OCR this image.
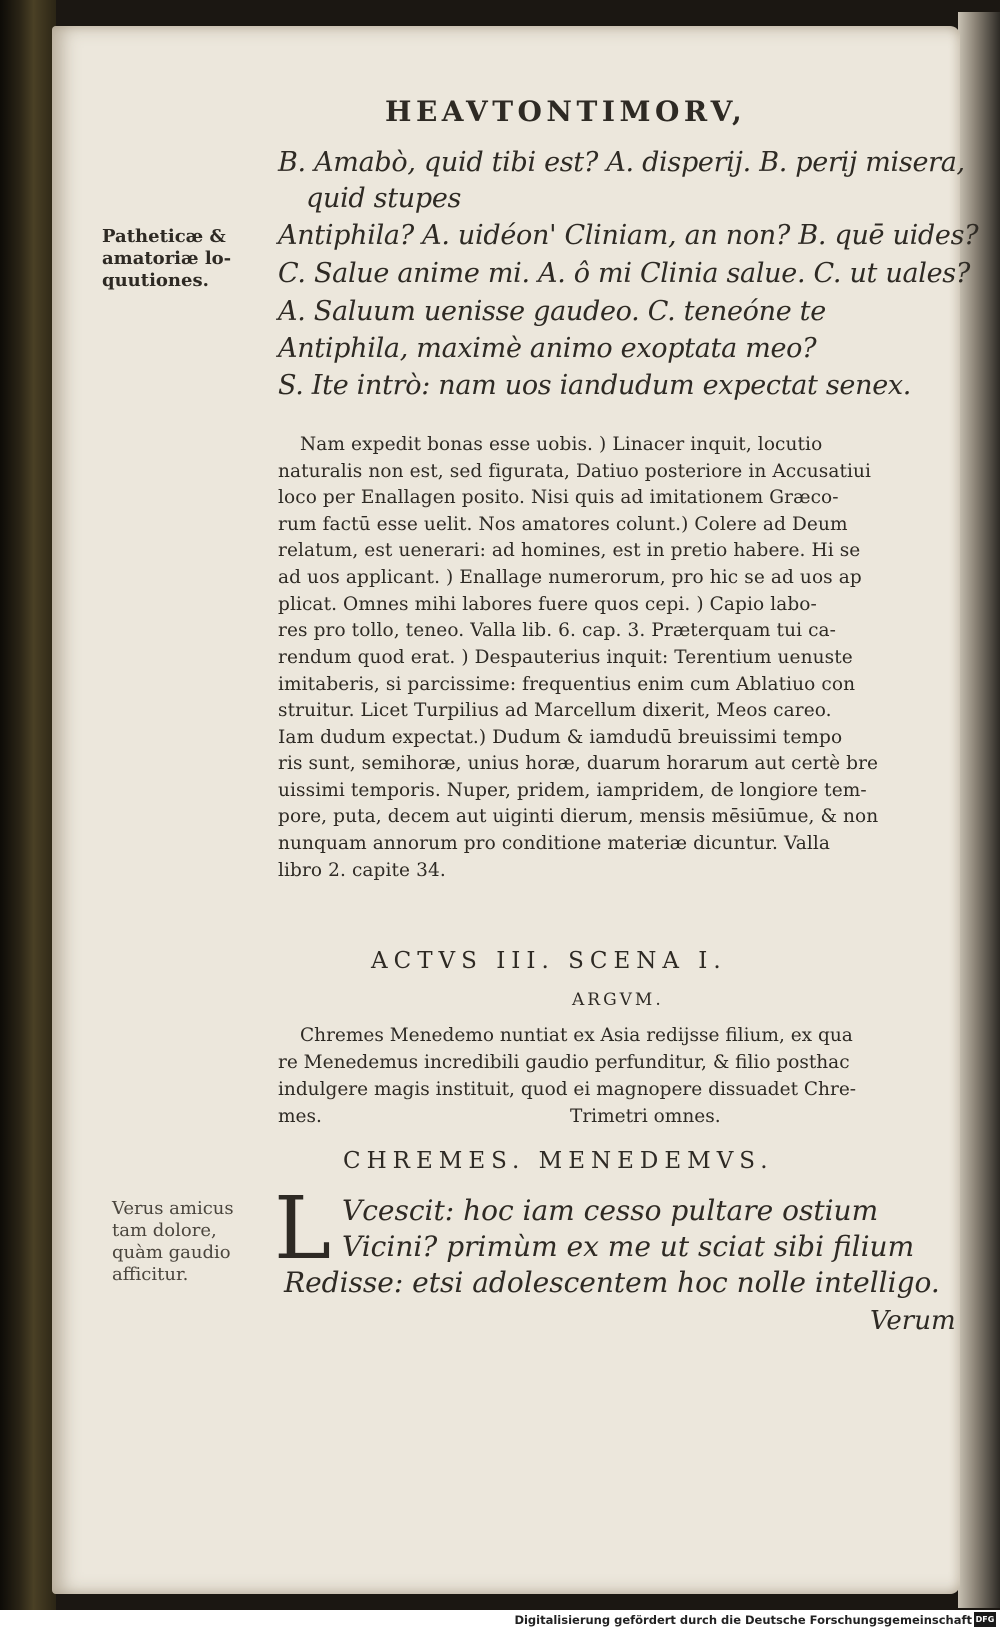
HEAVTONTIMORV,
B. Amabò, quid tibi est? A. disperij. B. perij misera,
quid stupes
Antiphila? A. uidéon' Cliniam, an non? B. quē uides?
C. Salue anime mi. A. ô mi Clinia salue. C. ut uales?
A. Saluum uenisse gaudeo. C. teneóne te
Antiphila, maximè animo exoptata meo?
S. Ite intrò: nam uos iandudum expectat senex.
Patheticæ &
amatoriæ lo-
quutiones.
Nam expedit bonas esse uobis. ) Linacer inquit, locutio
naturalis non est, sed figurata, Datiuo posteriore in Accusatiui
loco per Enallagen posito. Nisi quis ad imitationem Græco-
rum factū esse uelit. Nos amatores colunt.) Colere ad Deum
relatum, est uenerari: ad homines, est in pretio habere. Hi se
ad uos applicant. ) Enallage numerorum, pro hic se ad uos ap
plicat. Omnes mihi labores fuere quos cepi. ) Capio labo-
res pro tollo, teneo. Valla lib. 6. cap. 3. Præterquam tui ca-
rendum quod erat. ) Despauterius inquit: Terentium uenuste
imitaberis, si parcissime: frequentius enim cum Ablatiuo con
struitur. Licet Turpilius ad Marcellum dixerit, Meos careo.
Iam dudum expectat.) Dudum & iamdudū breuissimi tempo
ris sunt, semihoræ, unius horæ, duarum horarum aut certè bre
uissimi temporis. Nuper, pridem, iampridem, de longiore tem-
pore, puta, decem aut uiginti dierum, mensis mēsiūmue, & non
nunquam annorum pro conditione materiæ dicuntur. Valla
libro 2. capite 34.
ACTVS III. SCENA I.
ARGVM.
Chremes Menedemo nuntiat ex Asia redijsse filium, ex qua
re Menedemus incredibili gaudio perfunditur, & filio posthac
indulgere magis instituit, quod ei magnopere dissuadet Chre-
mes.	Trimetri omnes.
CHREMES. MENEDEMVS.
L Vcescit: hoc iam cesso pultare ostium
Vicini? primùm ex me ut sciat sibi filium
Redisse: etsi adolescentem hoc nolle intelligo.
Verus amicus
tam dolore,
quàm gaudio
afficitur.
Verum
Digitalisierung gefördert durch die Deutsche Forschungsgemeinschaft DFG
